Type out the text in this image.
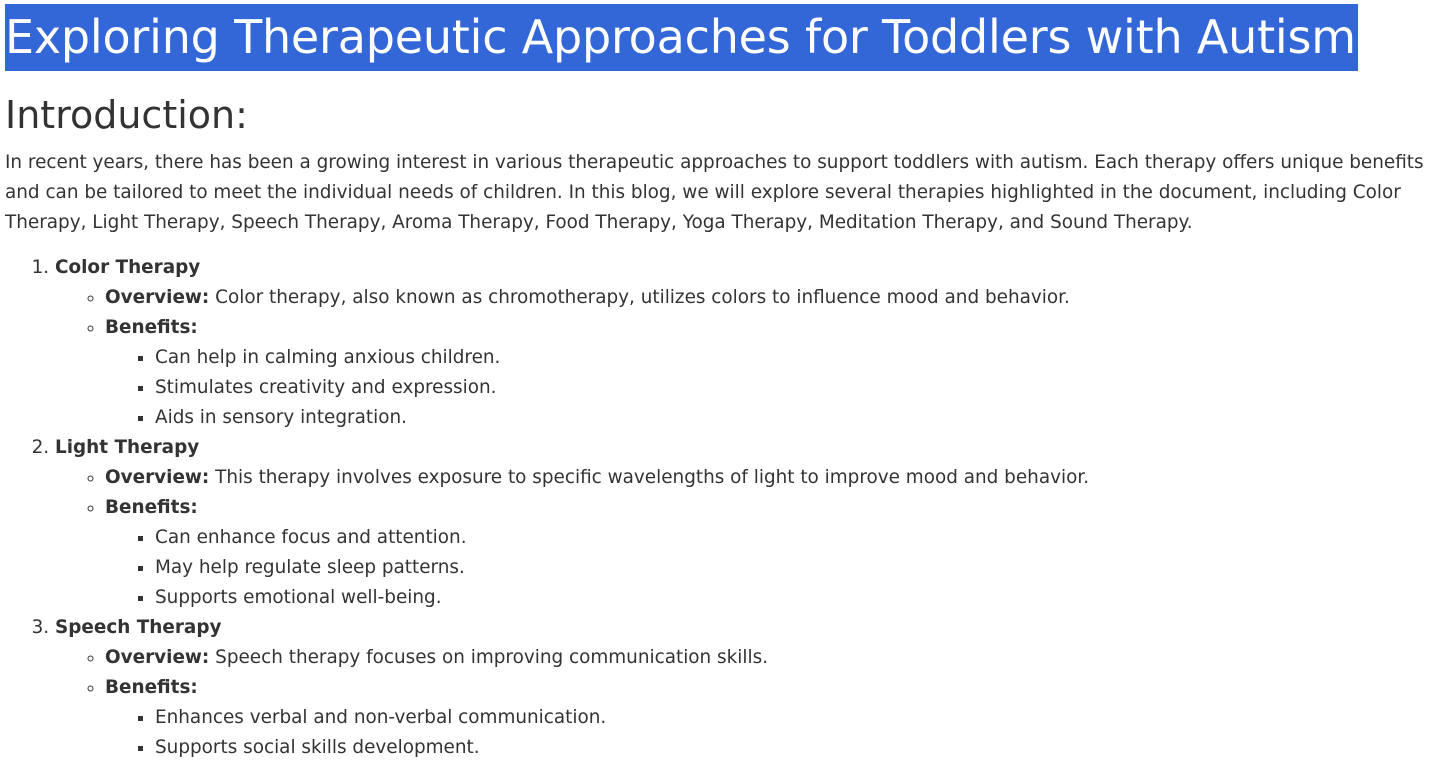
Exploring Therapeutic Approaches for Toddlers with Autism
Introduction:

In recent years, there has been a growing interest in various therapeutic approaches to support toddlers with autism. Each therapy offers unique benefits and can be tailored to meet the individual needs of children. In this blog, we will explore several therapies highlighted in the document, including Color Therapy, Light Therapy, Speech Therapy, Aroma Therapy, Food Therapy, Yoga Therapy, Meditation Therapy, and Sound Therapy.

1. Color Therapy
◦ Overview: Color therapy, also known as chromotherapy, utilizes colors to influence mood and behavior.
◦ Benefits:
▪ Can help in calming anxious children.
▪ Stimulates creativity and expression.
▪ Aids in sensory integration.
2. Light Therapy
◦ Overview: This therapy involves exposure to specific wavelengths of light to improve mood and behavior.
◦ Benefits:
▪ Can enhance focus and attention.
▪ May help regulate sleep patterns.
▪ Supports emotional well-being.
3. Speech Therapy
◦ Overview: Speech therapy focuses on improving communication skills.
◦ Benefits:
▪ Enhances verbal and non-verbal communication.
▪ Supports social skills development.
